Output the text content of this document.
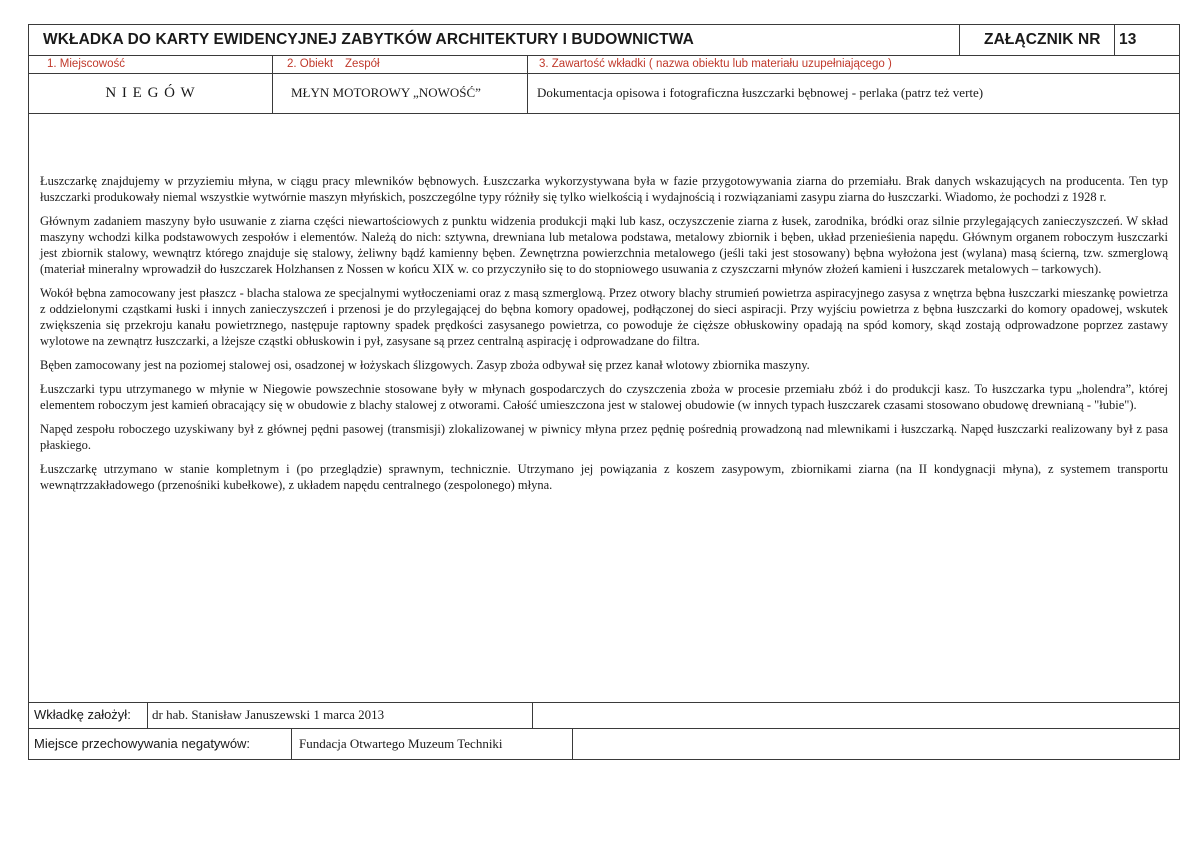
WKŁADKA DO KARTY EWIDENCYJNEJ ZABYTKÓW ARCHITEKTURY I BUDOWNICTWA	ZAŁĄCZNIK NR	13
1. Miejscowość	2. Obiekt Zespół	3. Zawartość wkładki ( nazwa obiektu lub materiału uzupełniającego )
N I E G Ó W	MŁYN MOTOROWY „NOWOŚĆ”	Dokumentacja opisowa i fotograficzna łuszczarki bębnowej - perlaka (patrz też verte)

Łuszczarkę znajdujemy w przyziemiu młyna, w ciągu pracy mlewników bębnowych. Łuszczarka wykorzystywana była w fazie przygotowywania ziarna do przemiału. Brak danych wskazujących na producenta. Ten typ łuszczarki produkowały niemal wszystkie wytwórnie maszyn młyńskich, poszczególne typy różniły się tylko wielkością i wydajnością i rozwiązaniami zasypu ziarna do łuszczarki. Wiadomo, że pochodzi z 1928 r.

Głównym zadaniem maszyny było usuwanie z ziarna części niewartościowych z punktu widzenia produkcji mąki lub kasz, oczyszczenie ziarna z łusek, zarodnika, bródki oraz silnie przylegających zanieczyszczeń. W skład maszyny wchodzi kilka podstawowych zespołów i elementów. Należą do nich: sztywna, drewniana lub metalowa podstawa, metalowy zbiornik i bęben, układ przenieśienia napędu. Głównym organem roboczym łuszczarki jest zbiornik stalowy, wewnątrz którego znajduje się stalowy, żeliwny bądź kamienny bęben. Zewnętrzna powierzchnia metalowego (jeśli taki jest stosowany) bębna wyłożona jest (wylana) masą ścierną, tzw. szmerglową (materiał mineralny wprowadził do łuszczarek Holzhansen z Nossen w końcu XIX w. co przyczyniło się to do stopniowego usuwania z czyszczarni młynów złożeń kamieni i łuszczarek metalowych – tarkowych).

Wokół bębna zamocowany jest płaszcz - blacha stalowa ze specjalnymi wytłoczeniami oraz z masą szmerglową. Przez otwory blachy strumień powietrza aspiracyjnego zasysa z wnętrza bębna łuszczarki mieszankę powietrza z oddzielonymi cząstkami łuski i innych zanieczyszczeń i przenosi je do przylegającej do bębna komory opadowej, podłączonej do sieci aspiracji. Przy wyjściu powietrza z bębna łuszczarki do komory opadowej, wskutek zwiększenia się przekroju kanału powietrznego, następuje raptowny spadek prędkości zasysanego powietrza, co powoduje że cięższe obłuskowiny opadają na spód komory, skąd zostają odprowadzone poprzez zastawy wylotowe na zewnątrz łuszczarki, a lżejsze cząstki obłuskowin i pył, zasysane są przez centralną aspirację i odprowadzane do filtra.

Bęben zamocowany jest na poziomej stalowej osi, osadzonej w łożyskach ślizgowych. Zasyp zboża odbywał się przez kanał wlotowy zbiornika maszyny.

Łuszczarki typu utrzymanego w młynie w Niegowie powszechnie stosowane były w młynach gospodarczych do czyszczenia zboża w procesie przemiału zbóż i do produkcji kasz. To łuszczarka typu „holendra”, której elementem roboczym jest kamień obracający się w obudowie z blachy stalowej z otworami. Całość umieszczona jest w stalowej obudowie (w innych typach łuszczarek czasami stosowano obudowę drewnianą - "łubie").

Napęd zespołu roboczego uzyskiwany był z głównej pędni pasowej (transmisji) zlokalizowanej w piwnicy młyna przez pędnię pośrednią prowadzoną nad mlewnikami i łuszczarką. Napęd łuszczarki realizowany był z pasa płaskiego.

Łuszczarkę utrzymano w stanie kompletnym i (po przeglądzie) sprawnym, technicznie. Utrzymano jej powiązania z koszem zasypowym, zbiornikami ziarna (na II kondygnacji młyna), z systemem transportu wewnątrzzakładowego (przenośniki kubełkowe), z układem napędu centralnego (zespolonego) młyna.

Wkładkę założył:	dr hab. Stanisław Januszewski 1 marca 2013
Miejsce przechowywania negatywów:	Fundacja Otwartego Muzeum Techniki
